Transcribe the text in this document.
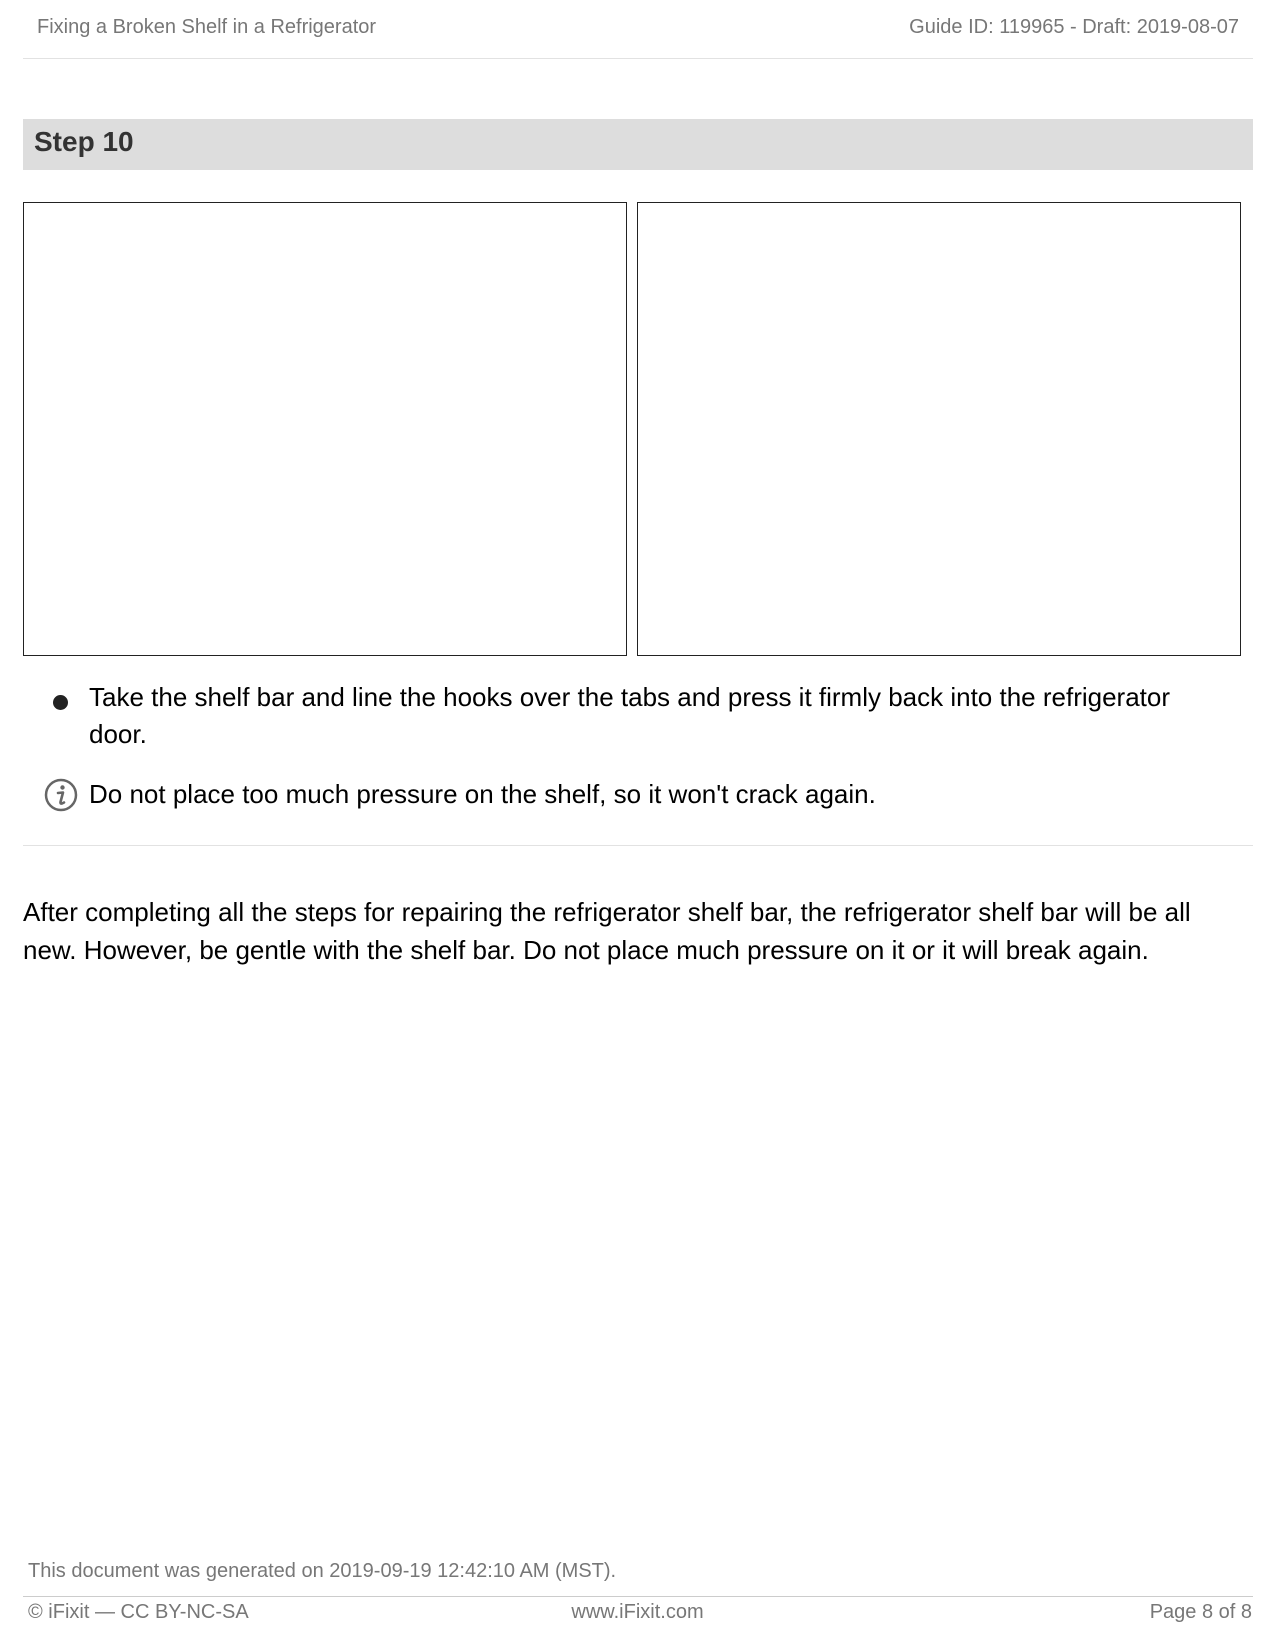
Fixing a Broken Shelf in a Refrigerator	Guide ID: 119965 - Draft: 2019-08-07
Step 10
Take the shelf bar and line the hooks over the tabs and press it firmly back into the refrigerator door.
Do not place too much pressure on the shelf, so it won't crack again.
After completing all the steps for repairing the refrigerator shelf bar, the refrigerator shelf bar will be all new. However, be gentle with the shelf bar. Do not place much pressure on it or it will break again.
This document was generated on 2019-09-19 12:42:10 AM (MST).
© iFixit — CC BY-NC-SA	www.iFixit.com	Page 8 of 8
